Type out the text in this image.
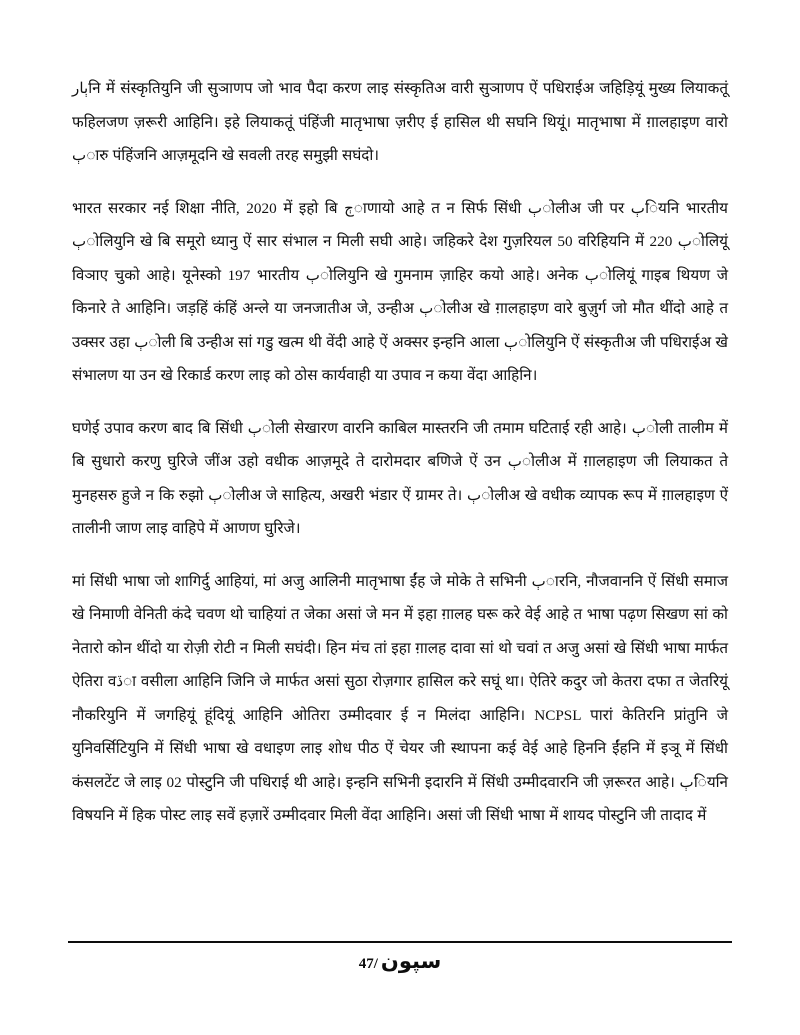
ٻارनि में संस्कृतियुनि जी सुञाणप जो भाव पैदा करण लाइ संस्कृतिअ वारी सुञाणप ऐं पधिराईअ जहिड़ियूं मुख्य लियाकतूं फहिलजण ज़रूरी आहिनि। इहे लियाकतूं पंहिंजी मातृभाषा ज़रीए ई हासिल थी सघनि थियूं। मातृभाषा में ग़ालहाइण वारो ٻारु पंहिंजनि आज़मूदनि खे सवली तरह समुझी सघंदो।

भारत सरकार नई शिक्षा नीति, 2020 में इहो बि ڄाणायो आहे त न सिर्फ सिंधी ٻोलीअ जी पर ٻियनि भारतीय ٻोलियुनि खे बि समूरो ध्यानु ऐं सार संभाल न मिली सघी आहे। जहिकरे देश गुज़रियल 50 वरिहियनि में 220 ٻोलियूं विञाए चुको आहे। यूनेस्को 197 भारतीय ٻोलियुनि खे गुमनाम ज़ाहिर कयो आहे। अनेक ٻोलियूं गाइब थियण जे किनारे ते आहिनि। जड़हिं कंहिं अन्ले या जनजातीअ जे, उन्हीअ ٻोलीअ खे ग़ालहाइण वारे बुज़ुर्ग जो मौत थींदो आहे त उक्सर उहा ٻोली बि उन्हीअ सां गडु खत्म थी वेंदी आहे ऐं अक्सर इन्हनि आला ٻोलियुनि ऐं संस्कृतीअ जी पधिराईअ खे संभालण या उन खे रिकार्ड करण लाइ को ठोस कार्यवाही या उपाव न कया वेंदा आहिनि।

घणेई उपाव करण बाद बि सिंधी ٻोली सेखारण वारनि काबिल मास्तरनि जी तमाम घटिताई रही आहे। ٻोली तालीम में बि सुधारो करणु घुरिजे जींअ उहो वधीक आज़मूदे ते दारोमदार बणिजे ऐं उन ٻोलीअ में ग़ालहाइण जी लियाकत ते मुनहसरु हुजे न कि रुझो ٻोलीअ जे साहित्य, अखरी भंडार ऐं ग्रामर ते। ٻोलीअ खे वधीक व्यापक रूप में ग़ालहाइण ऐं तालीनी जाण लाइ वाहिपे में आणण घुरिजे।

मां सिंधी भाषा जो शागिर्दु आहियां, मां अजु आलिनी मातृभाषा ईंह जे मोके ते सभिनी ٻारनि, नौजवाननि ऐं सिंधी समाज खे निमाणी वेनिती कंदे चवण थो चाहियां त जेका असां जे मन में इहा ग़ालह घरू करे वेई आहे त भाषा पढ़ण सिखण सां को नेतारो कोन थींदो या रोज़ी रोटी न मिली सघंदी। हिन मंच तां इहा ग़ालह दावा सां थो चवां त अजु असां खे सिंधी भाषा मार्फत ऐतिरा वڏा वसीला आहिनि जिनि जे मार्फत असां सुठा रोज़गार हासिल करे सघूं था। ऐतिरे कदुर जो केतरा दफा त जेतरियूं नौकरियुनि में जगहियूं हूंदियूं आहिनि ओतिरा उम्मीदवार ई न मिलंदा आहिनि। NCPSL पारां केतिरनि प्रांतुनि जे युनिवर्सिटियुनि में सिंधी भाषा खे वधाइण लाइ शोध पीठ ऐं चेयर जी स्थापना कई वेई आहे हिननि ईंहनि में इञू में सिंधी कंसलटेंट जे लाइ 02 पोस्टुनि जी पधिराई थी आहे। इन्हनि सभिनी इदारनि में सिंधी उम्मीदवारनि जी ज़रूरत आहे। ٻियनि विषयनि में हिक पोस्ट लाइ सवें हज़ारें उम्मीदवार मिली वेंदा आहिनि। असां जी सिंधी भाषा में शायद पोस्टुनि जी तादाद में

سپون
47/
